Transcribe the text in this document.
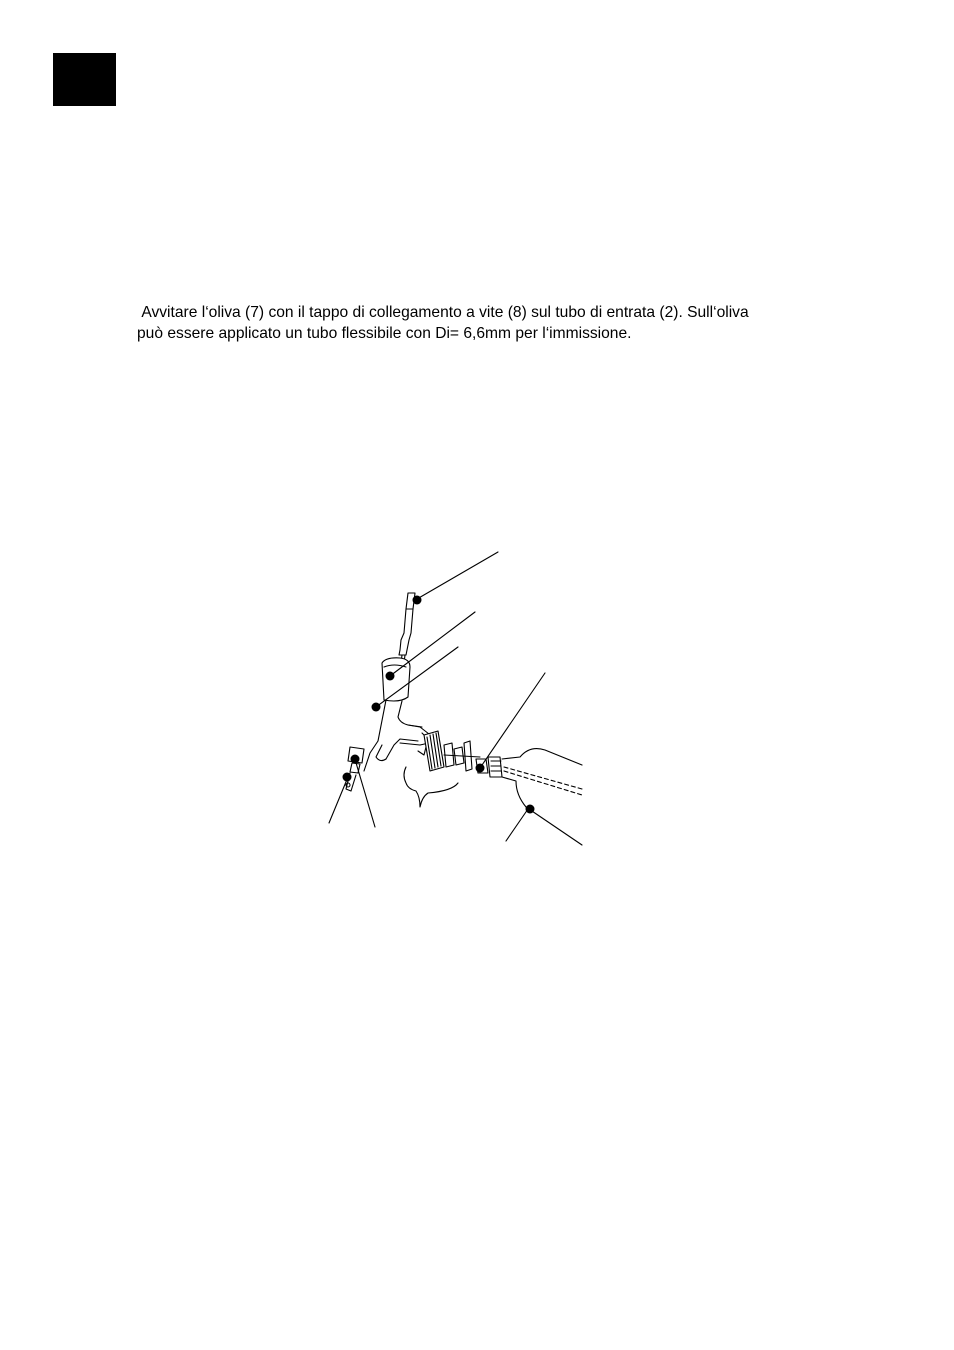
Avvitare l‘oliva (7) con il tappo di collegamento a vite (8) sul tubo di entrata (2). Sull‘oliva
può essere applicato un tubo flessibile con Di= 6,6mm per l‘immissione.
